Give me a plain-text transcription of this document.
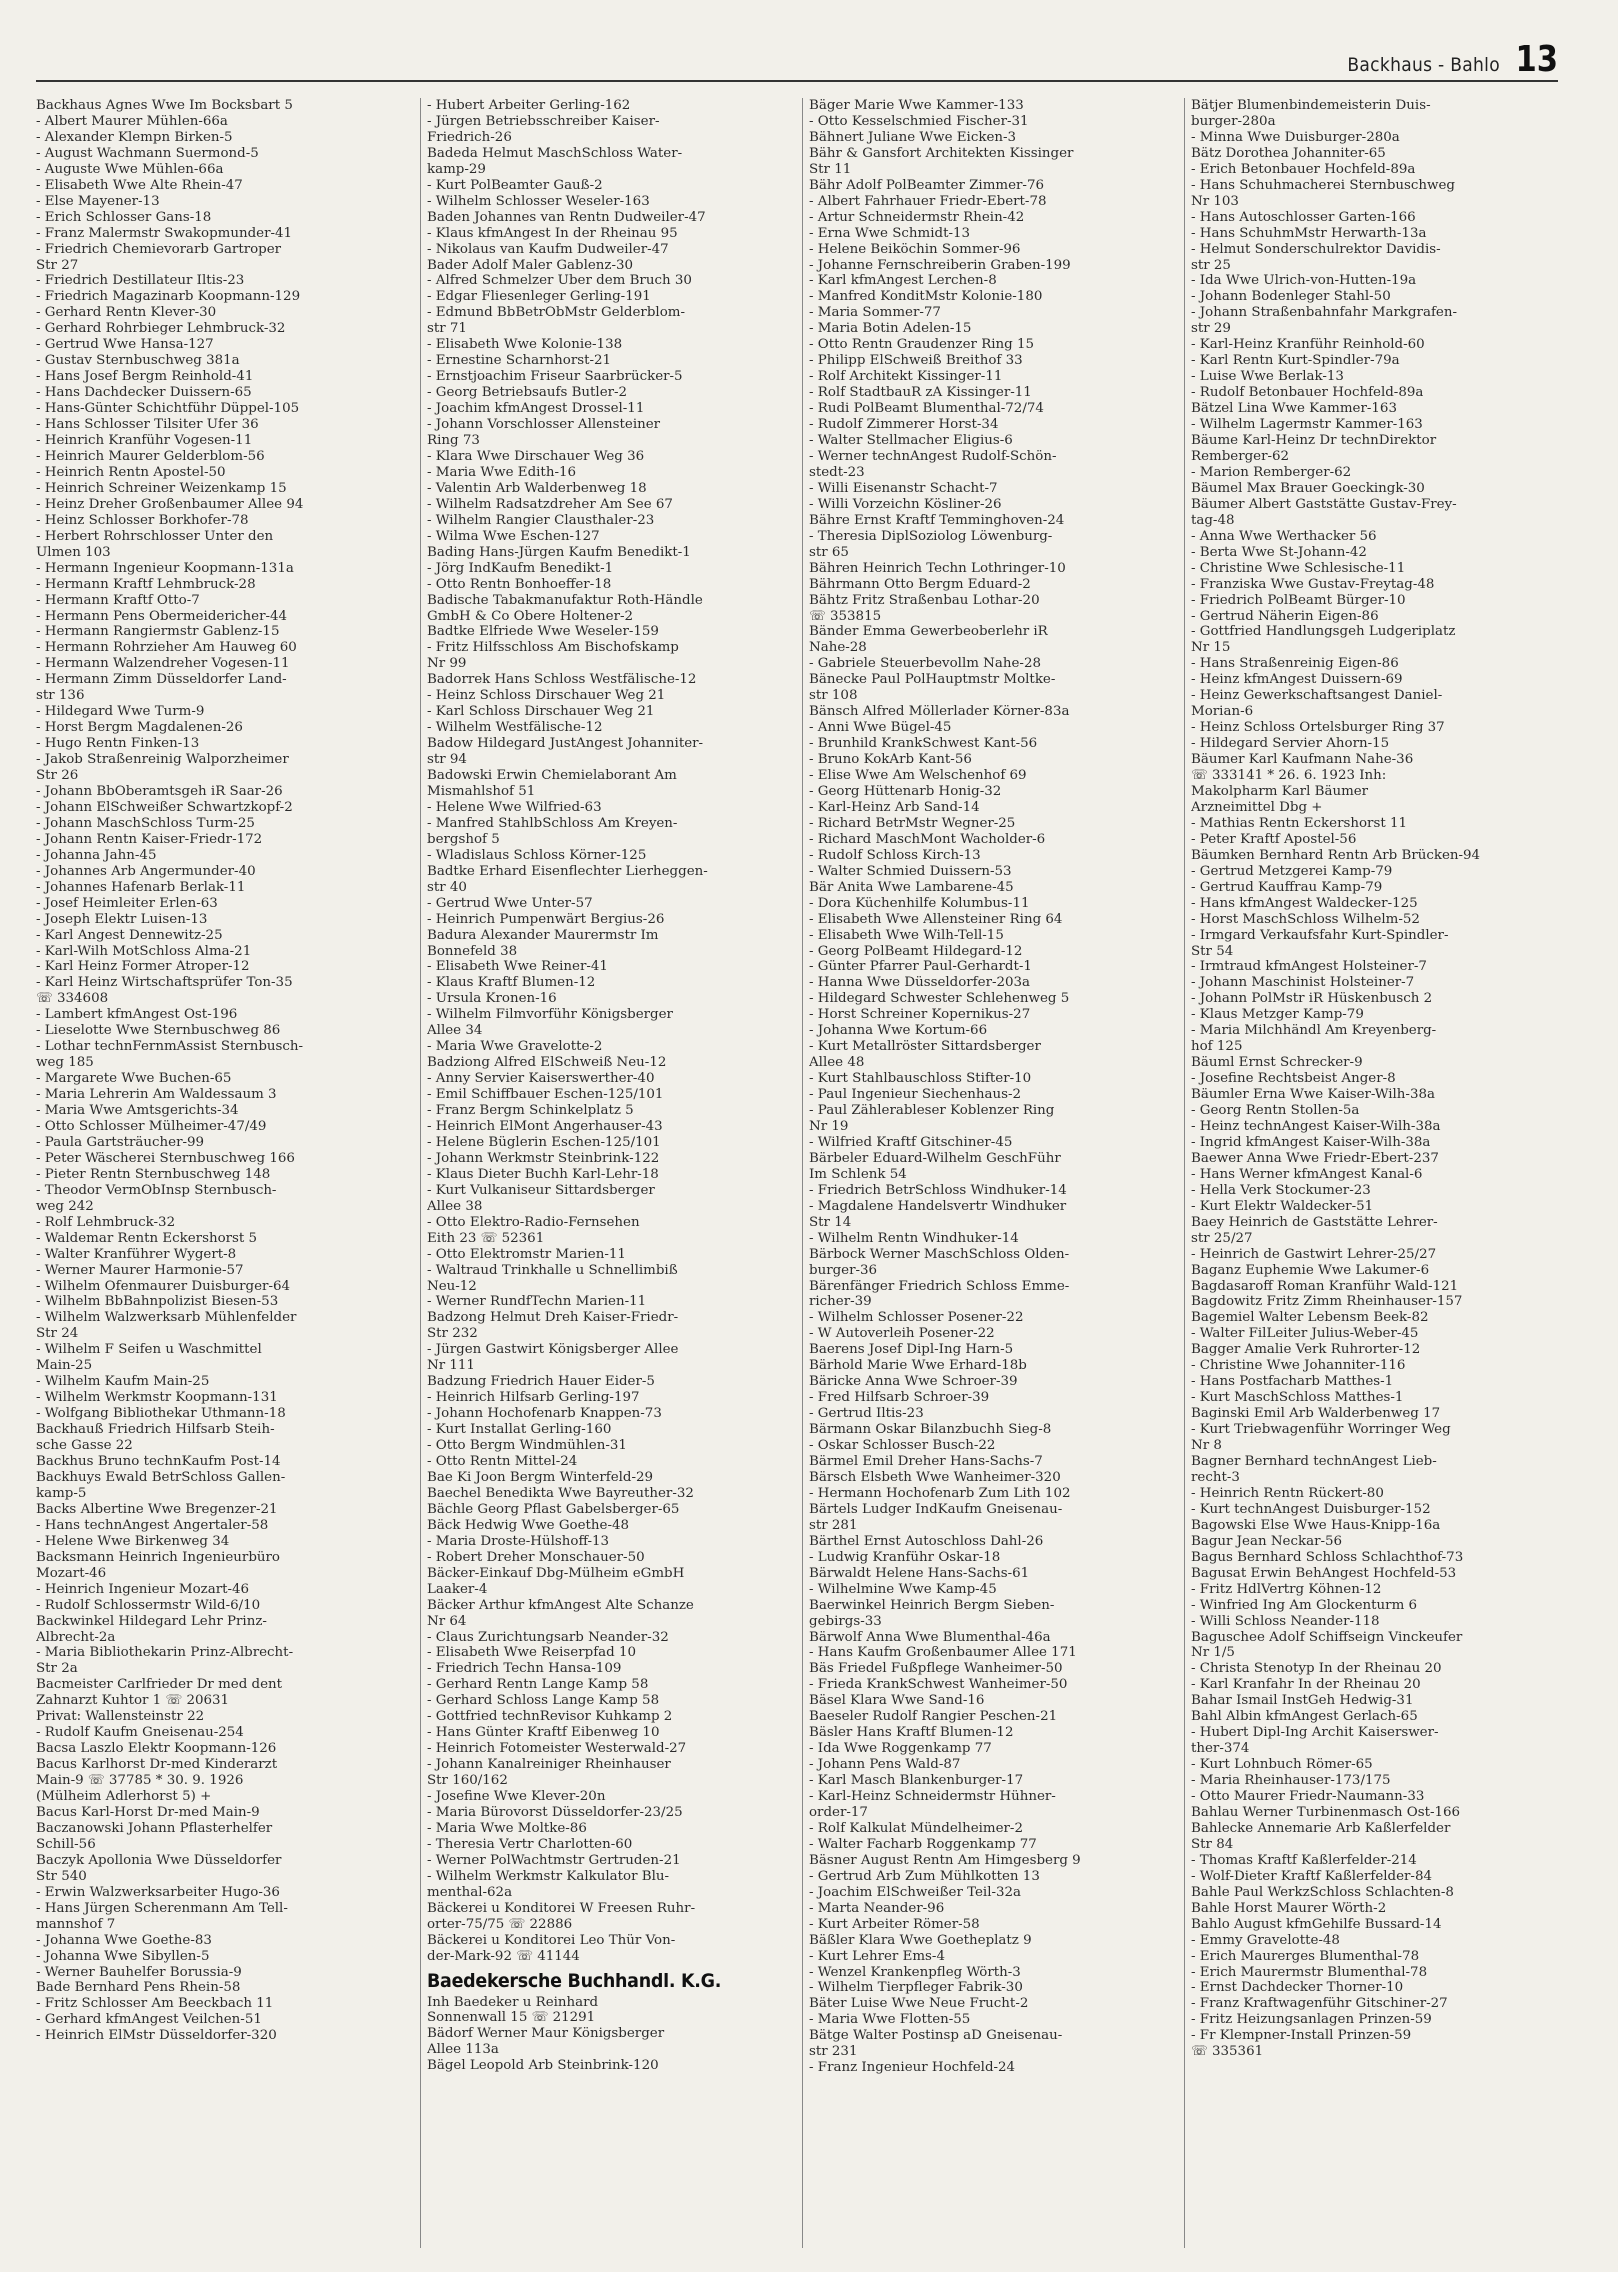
Backhaus - Bahlo 13
Backhaus Agnes Wwe Im Bocksbart 5
- Albert Maurer Mühlen-66a
- Alexander Klempn Birken-5
- August Wachmann Suermond-5
- Auguste Wwe Mühlen-66a
- Elisabeth Wwe Alte Rhein-47
- Else Mayener-13
- Erich Schlosser Gans-18
- Franz Malermstr Swakopmunder-41
- Friedrich Chemievorarb Gartroper
Str 27
- Friedrich Destillateur Iltis-23
- Friedrich Magazinarb Koopmann-129
- Gerhard Rentn Klever-30
- Gerhard Rohrbieger Lehmbruck-32
- Gertrud Wwe Hansa-127
- Gustav Sternbuschweg 381a
- Hans Josef Bergm Reinhold-41
- Hans Dachdecker Duissern-65
- Hans-Günter Schichtführ Düppel-105
- Hans Schlosser Tilsiter Ufer 36
- Heinrich Kranführ Vogesen-11
- Heinrich Maurer Gelderblom-56
- Heinrich Rentn Apostel-50
- Heinrich Schreiner Weizenkamp 15
- Heinz Dreher Großenbaumer Allee 94
- Heinz Schlosser Borkhofer-78
- Herbert Rohrschlosser Unter den
Ulmen 103
- Hermann Ingenieur Koopmann-131a
- Hermann Kraftf Lehmbruck-28
- Hermann Kraftf Otto-7
- Hermann Pens Obermeidericher-44
- Hermann Rangiermstr Gablenz-15
- Hermann Rohrzieher Am Hauweg 60
- Hermann Walzendreher Vogesen-11
- Hermann Zimm Düsseldorfer Land-
str 136
- Hildegard Wwe Turm-9
- Horst Bergm Magdalenen-26
- Hugo Rentn Finken-13
- Jakob Straßenreinig Walporzheimer
Str 26
- Johann BbOberamtsgeh iR Saar-26
- Johann ElSchweißer Schwartzkopf-2
- Johann MaschSchloss Turm-25
- Johann Rentn Kaiser-Friedr-172
- Johanna Jahn-45
- Johannes Arb Angermunder-40
- Johannes Hafenarb Berlak-11
- Josef Heimleiter Erlen-63
- Joseph Elektr Luisen-13
- Karl Angest Dennewitz-25
- Karl-Wilh MotSchloss Alma-21
- Karl Heinz Former Atroper-12
- Karl Heinz Wirtschaftsprüfer Ton-35
☏ 334608
- Lambert kfmAngest Ost-196
- Lieselotte Wwe Sternbuschweg 86
- Lothar technFernmAssist Sternbusch-
weg 185
- Margarete Wwe Buchen-65
- Maria Lehrerin Am Waldessaum 3
- Maria Wwe Amtsgerichts-34
- Otto Schlosser Mülheimer-47/49
- Paula Gartsträucher-99
- Peter Wäscherei Sternbuschweg 166
- Pieter Rentn Sternbuschweg 148
- Theodor VermObInsp Sternbusch-
weg 242
- Rolf Lehmbruck-32
- Waldemar Rentn Eckershorst 5
- Walter Kranführer Wygert-8
- Werner Maurer Harmonie-57
- Wilhelm Ofenmaurer Duisburger-64
- Wilhelm BbBahnpolizist Biesen-53
- Wilhelm Walzwerksarb Mühlenfelder
Str 24
- Wilhelm F Seifen u Waschmittel
Main-25
- Wilhelm Kaufm Main-25
- Wilhelm Werkmstr Koopmann-131
- Wolfgang Bibliothekar Uthmann-18
Backhauß Friedrich Hilfsarb Steih-
sche Gasse 22
Backhus Bruno technKaufm Post-14
Backhuys Ewald BetrSchloss Gallen-
kamp-5
Backs Albertine Wwe Bregenzer-21
- Hans technAngest Angertaler-58
- Helene Wwe Birkenweg 34
Backsmann Heinrich Ingenieurbüro
Mozart-46
- Heinrich Ingenieur Mozart-46
- Rudolf Schlossermstr Wild-6/10
Backwinkel Hildegard Lehr Prinz-
Albrecht-2a
- Maria Bibliothekarin Prinz-Albrecht-
Str 2a
Bacmeister Carlfrieder Dr med dent
Zahnarzt Kuhtor 1 ☏ 20631
Privat: Wallensteinstr 22
- Rudolf Kaufm Gneisenau-254
Bacsa Laszlo Elektr Koopmann-126
Bacus Karlhorst Dr-med Kinderarzt
Main-9 ☏ 37785 * 30. 9. 1926
(Mülheim Adlerhorst 5) +
Bacus Karl-Horst Dr-med Main-9
Baczanowski Johann Pflasterhelfer
Schill-56
Baczyk Apollonia Wwe Düsseldorfer
Str 540
- Erwin Walzwerksarbeiter Hugo-36
- Hans Jürgen Scherenmann Am Tell-
mannshof 7
- Johanna Wwe Goethe-83
- Johanna Wwe Sibyllen-5
- Werner Bauhelfer Borussia-9
Bade Bernhard Pens Rhein-58
- Fritz Schlosser Am Beeckbach 11
- Gerhard kfmAngest Veilchen-51
- Heinrich ElMstr Düsseldorfer-320
- Hubert Arbeiter Gerling-162
- Jürgen Betriebsschreiber Kaiser-
Friedrich-26
Badeda Helmut MaschSchloss Water-
kamp-29
- Kurt PolBeamter Gauß-2
- Wilhelm Schlosser Weseler-163
Baden Johannes van Rentn Dudweiler-47
- Klaus kfmAngest In der Rheinau 95
- Nikolaus van Kaufm Dudweiler-47
Bader Adolf Maler Gablenz-30
- Alfred Schmelzer Über dem Bruch 30
- Edgar Fliesenleger Gerling-191
- Edmund BbBetrObMstr Gelderblom-
str 71
- Elisabeth Wwe Kolonie-138
- Ernestine Scharnhorst-21
- Ernstjoachim Friseur Saarbrücker-5
- Georg Betriebsaufs Butler-2
- Joachim kfmAngest Drossel-11
- Johann Vorschlosser Allensteiner
Ring 73
- Klara Wwe Dirschauer Weg 36
- Maria Wwe Edith-16
- Valentin Arb Walderbenweg 18
- Wilhelm Radsatzdreher Am See 67
- Wilhelm Rangier Clausthaler-23
- Wilma Wwe Eschen-127
Bading Hans-Jürgen Kaufm Benedikt-1
- Jörg IndKaufm Benedikt-1
- Otto Rentn Bonhoeffer-18
Badische Tabakmanufaktur Roth-Händle
GmbH & Co Obere Holtener-2
Badtke Elfriede Wwe Weseler-159
- Fritz Hilfsschloss Am Bischofskamp
Nr 99
Badorrek Hans Schloss Westfälische-12
- Heinz Schloss Dirschauer Weg 21
- Karl Schloss Dirschauer Weg 21
- Wilhelm Westfälische-12
Badow Hildegard JustAngest Johanniter-
str 94
Badowski Erwin Chemielaborant Am
Mismahlshof 51
- Helene Wwe Wilfried-63
- Manfred StahlbSchloss Am Kreyen-
bergshof 5
- Wladislaus Schloss Körner-125
Badtke Erhard Eisenflechter Lierheggen-
str 40
- Gertrud Wwe Unter-57
- Heinrich Pumpenwärt Bergius-26
Badura Alexander Maurermstr Im
Bonnefeld 38
- Elisabeth Wwe Reiner-41
- Klaus Kraftf Blumen-12
- Ursula Kronen-16
- Wilhelm Filmvorführ Königsberger
Allee 34
- Maria Wwe Gravelotte-2
Badziong Alfred ElSchweiß Neu-12
- Anny Servier Kaiserswerther-40
- Emil Schiffbauer Eschen-125/101
- Franz Bergm Schinkelplatz 5
- Heinrich ElMont Angerhauser-43
- Helene Büglerin Eschen-125/101
- Johann Werkmstr Steinbrink-122
- Klaus Dieter Buchh Karl-Lehr-18
- Kurt Vulkaniseur Sittardsberger
Allee 38
- Otto Elektro-Radio-Fernsehen
Eith 23 ☏ 52361
- Otto Elektromstr Marien-11
- Waltraud Trinkhalle u Schnellimbiß
Neu-12
- Werner RundfTechn Marien-11
Badzong Helmut Dreh Kaiser-Friedr-
Str 232
- Jürgen Gastwirt Königsberger Allee
Nr 111
Badzung Friedrich Hauer Eider-5
- Heinrich Hilfsarb Gerling-197
- Johann Hochofenarb Knappen-73
- Kurt Installat Gerling-160
- Otto Bergm Windmühlen-31
- Otto Rentn Mittel-24
Bae Ki Joon Bergm Winterfeld-29
Baechel Benedikta Wwe Bayreuther-32
Bächle Georg Pflast Gabelsberger-65
Bäck Hedwig Wwe Goethe-48
- Maria Droste-Hülshoff-13
- Robert Dreher Monschauer-50
Bäcker-Einkauf Dbg-Mülheim eGmbH
Laaker-4
Bäcker Arthur kfmAngest Alte Schanze
Nr 64
- Claus Zurichtungsarb Neander-32
- Elisabeth Wwe Reiserpfad 10
- Friedrich Techn Hansa-109
- Gerhard Rentn Lange Kamp 58
- Gerhard Schloss Lange Kamp 58
- Gottfried technRevisor Kuhkamp 2
- Hans Günter Kraftf Eibenweg 10
- Heinrich Fotomeister Westerwald-27
- Johann Kanalreiniger Rheinhauser
Str 160/162
- Josefine Wwe Klever-20n
- Maria Bürovorst Düsseldorfer-23/25
- Maria Wwe Moltke-86
- Theresia Vertr Charlotten-60
- Werner PolWachtmstr Gertruden-21
- Wilhelm Werkmstr Kalkulator Blu-
menthal-62a
Bäckerei u Konditorei W Freesen Ruhr-
orter-75/75 ☏ 22886
Bäckerei u Konditorei Leo Thür Von-
der-Mark-92 ☏ 41144
Baedekersche Buchhandl. K.G.
Inh Baedeker u Reinhard
Sonnenwall 15 ☏ 21291
Bädorf Werner Maur Königsberger
Allee 113a
Bägel Leopold Arb Steinbrink-120
Bäger Marie Wwe Kammer-133
- Otto Kesselschmied Fischer-31
Bähnert Juliane Wwe Eicken-3
Bähr & Gansfort Architekten Kissinger
Str 11
Bähr Adolf PolBeamter Zimmer-76
- Albert Fahrhauer Friedr-Ebert-78
- Artur Schneidermstr Rhein-42
- Erna Wwe Schmidt-13
- Helene Beiköchin Sommer-96
- Johanne Fernschreiberin Graben-199
- Karl kfmAngest Lerchen-8
- Manfred KonditMstr Kolonie-180
- Maria Sommer-77
- Maria Botin Adelen-15
- Otto Rentn Graudenzer Ring 15
- Philipp ElSchweiß Breithof 33
- Rolf Architekt Kissinger-11
- Rolf StadtbauR zA Kissinger-11
- Rudi PolBeamt Blumenthal-72/74
- Rudolf Zimmerer Horst-34
- Walter Stellmacher Eligius-6
- Werner technAngest Rudolf-Schön-
stedt-23
- Willi Eisenanstr Schacht-7
- Willi Vorzeichn Kösliner-26
Bähre Ernst Kraftf Temminghoven-24
- Theresia DiplSoziolog Löwenburg-
str 65
Bähren Heinrich Techn Lothringer-10
Bährmann Otto Bergm Eduard-2
Bähtz Fritz Straßenbau Lothar-20
☏ 353815
Bänder Emma Gewerbeoberlehr iR
Nahe-28
- Gabriele Steuerbevollm Nahe-28
Bänecke Paul PolHauptmstr Moltke-
str 108
Bänsch Alfred Möllerlader Körner-83a
- Anni Wwe Bügel-45
- Brunhild KrankSchwest Kant-56
- Bruno KokArb Kant-56
- Elise Wwe Am Welschenhof 69
- Georg Hüttenarb Honig-32
- Karl-Heinz Arb Sand-14
- Richard BetrMstr Wegner-25
- Richard MaschMont Wacholder-6
- Rudolf Schloss Kirch-13
- Walter Schmied Duissern-53
Bär Anita Wwe Lambarene-45
- Dora Küchenhilfe Kolumbus-11
- Elisabeth Wwe Allensteiner Ring 64
- Elisabeth Wwe Wilh-Tell-15
- Georg PolBeamt Hildegard-12
- Günter Pfarrer Paul-Gerhardt-1
- Hanna Wwe Düsseldorfer-203a
- Hildegard Schwester Schlehenweg 5
- Horst Schreiner Kopernikus-27
- Johanna Wwe Kortum-66
- Kurt Metallröster Sittardsberger
Allee 48
- Kurt Stahlbauschloss Stifter-10
- Paul Ingenieur Siechenhaus-2
- Paul Zählerableser Koblenzer Ring
Nr 19
- Wilfried Kraftf Gitschiner-45
Bärbeler Eduard-Wilhelm GeschFühr
Im Schlenk 54
- Friedrich BetrSchloss Windhuker-14
- Magdalene Handelsvertr Windhuker
Str 14
- Wilhelm Rentn Windhuker-14
Bärbock Werner MaschSchloss Olden-
burger-36
Bärenfänger Friedrich Schloss Emme-
richer-39
- Wilhelm Schlosser Posener-22
- W Autoverleih Posener-22
Baerens Josef Dipl-Ing Harn-5
Bärhold Marie Wwe Erhard-18b
Bäricke Anna Wwe Schroer-39
- Fred Hilfsarb Schroer-39
- Gertrud Iltis-23
Bärmann Oskar Bilanzbuchh Sieg-8
- Oskar Schlosser Busch-22
Bärmel Emil Dreher Hans-Sachs-7
Bärsch Elsbeth Wwe Wanheimer-320
- Hermann Hochofenarb Zum Lith 102
Bärtels Ludger IndKaufm Gneisenau-
str 281
Bärthel Ernst Autoschloss Dahl-26
- Ludwig Kranführ Oskar-18
Bärwaldt Helene Hans-Sachs-61
- Wilhelmine Wwe Kamp-45
Baerwinkel Heinrich Bergm Sieben-
gebirgs-33
Bärwolf Anna Wwe Blumenthal-46a
- Hans Kaufm Großenbaumer Allee 171
Bäs Friedel Fußpflege Wanheimer-50
- Frieda KrankSchwest Wanheimer-50
Bäsel Klara Wwe Sand-16
Baeseler Rudolf Rangier Peschen-21
Bäsler Hans Kraftf Blumen-12
- Ida Wwe Roggenkamp 77
- Johann Pens Wald-87
- Karl Masch Blankenburger-17
- Karl-Heinz Schneidermstr Hühner-
order-17
- Rolf Kalkulat Mündelheimer-2
- Walter Facharb Roggenkamp 77
Bäsner August Rentn Am Himgesberg 9
- Gertrud Arb Zum Mühlkotten 13
- Joachim ElSchweißer Teil-32a
- Marta Neander-96
- Kurt Arbeiter Römer-58
Bäßler Klara Wwe Goetheplatz 9
- Kurt Lehrer Ems-4
- Wenzel Krankenpfleg Wörth-3
- Wilhelm Tierpfleger Fabrik-30
Bäter Luise Wwe Neue Frucht-2
- Maria Wwe Flotten-55
Bätge Walter Postinsp aD Gneisenau-
str 231
- Franz Ingenieur Hochfeld-24
Bätjer Blumenbindemeisterin Duis-
burger-280a
- Minna Wwe Duisburger-280a
Bätz Dorothea Johanniter-65
- Erich Betonbauer Hochfeld-89a
- Hans Schuhmacherei Sternbuschweg
Nr 103
- Hans Autoschlosser Garten-166
- Hans SchuhmMstr Herwarth-13a
- Helmut Sonderschulrektor Davidis-
str 25
- Ida Wwe Ulrich-von-Hutten-19a
- Johann Bodenleger Stahl-50
- Johann Straßenbahnfahr Markgrafen-
str 29
- Karl-Heinz Kranführ Reinhold-60
- Karl Rentn Kurt-Spindler-79a
- Luise Wwe Berlak-13
- Rudolf Betonbauer Hochfeld-89a
Bätzel Lina Wwe Kammer-163
- Wilhelm Lagermstr Kammer-163
Bäume Karl-Heinz Dr technDirektor
Remberger-62
- Marion Remberger-62
Bäumel Max Brauer Goeckingk-30
Bäumer Albert Gaststätte Gustav-Frey-
tag-48
- Anna Wwe Werthacker 56
- Berta Wwe St-Johann-42
- Christine Wwe Schlesische-11
- Franziska Wwe Gustav-Freytag-48
- Friedrich PolBeamt Bürger-10
- Gertrud Näherin Eigen-86
- Gottfried Handlungsgeh Ludgeriplatz
Nr 15
- Hans Straßenreinig Eigen-86
- Heinz kfmAngest Duissern-69
- Heinz Gewerkschaftsangest Daniel-
Morian-6
- Heinz Schloss Ortelsburger Ring 37
- Hildegard Servier Ahorn-15
Bäumer Karl Kaufmann Nahe-36
☏ 333141 * 26. 6. 1923 Inh:
Makolpharm Karl Bäumer
Arzneimittel Dbg +
- Mathias Rentn Eckershorst 11
- Peter Kraftf Apostel-56
Bäumken Bernhard Rentn Arb Brücken-94
- Gertrud Metzgerei Kamp-79
- Gertrud Kauffrau Kamp-79
- Hans kfmAngest Waldecker-125
- Horst MaschSchloss Wilhelm-52
- Irmgard Verkaufsfahr Kurt-Spindler-
Str 54
- Irmtraud kfmAngest Holsteiner-7
- Johann Maschinist Holsteiner-7
- Johann PolMstr iR Hüskenbusch 2
- Klaus Metzger Kamp-79
- Maria Milchhändl Am Kreyenberg-
hof 125
Bäuml Ernst Schrecker-9
- Josefine Rechtsbeist Anger-8
Bäumler Erna Wwe Kaiser-Wilh-38a
- Georg Rentn Stollen-5a
- Heinz technAngest Kaiser-Wilh-38a
- Ingrid kfmAngest Kaiser-Wilh-38a
Baewer Anna Wwe Friedr-Ebert-237
- Hans Werner kfmAngest Kanal-6
- Hella Verk Stockumer-23
- Kurt Elektr Waldecker-51
Baey Heinrich de Gaststätte Lehrer-
str 25/27
- Heinrich de Gastwirt Lehrer-25/27
Baganz Euphemie Wwe Lakumer-6
Bagdasaroff Roman Kranführ Wald-121
Bagdowitz Fritz Zimm Rheinhauser-157
Bagemiel Walter Lebensm Beek-82
- Walter FilLeiter Julius-Weber-45
Bagger Amalie Verk Ruhrorter-12
- Christine Wwe Johanniter-116
- Hans Postfacharb Matthes-1
- Kurt MaschSchloss Matthes-1
Baginski Emil Arb Walderbenweg 17
- Kurt Triebwagenführ Worringer Weg
Nr 8
Bagner Bernhard technAngest Lieb-
recht-3
- Heinrich Rentn Rückert-80
- Kurt technAngest Duisburger-152
Bagowski Else Wwe Haus-Knipp-16a
Bagur Jean Neckar-56
Bagus Bernhard Schloss Schlachthof-73
Bagusat Erwin BehAngest Hochfeld-53
- Fritz HdlVertrg Köhnen-12
- Winfried Ing Am Glockenturm 6
- Willi Schloss Neander-118
Baguschee Adolf Schiffseign Vinckeufer
Nr 1/5
- Christa Stenotyp In der Rheinau 20
- Karl Kranfahr In der Rheinau 20
Bahar Ismail InstGeh Hedwig-31
Bahl Albin kfmAngest Gerlach-65
- Hubert Dipl-Ing Archit Kaiserswer-
ther-374
- Kurt Lohnbuch Römer-65
- Maria Rheinhauser-173/175
- Otto Maurer Friedr-Naumann-33
Bahlau Werner Turbinenmasch Ost-166
Bahlecke Annemarie Arb Kaßlerfelder
Str 84
- Thomas Kraftf Kaßlerfelder-214
- Wolf-Dieter Kraftf Kaßlerfelder-84
Bahle Paul WerkzSchloss Schlachten-8
Bahle Horst Maurer Wörth-2
Bahlo August kfmGehilfe Bussard-14
- Emmy Gravelotte-48
- Erich Maurerges Blumenthal-78
- Erich Maurermstr Blumenthal-78
- Ernst Dachdecker Thorner-10
- Franz Kraftwagenführ Gitschiner-27
- Fritz Heizungsanlagen Prinzen-59
- Fr Klempner-Install Prinzen-59
☏ 335361
